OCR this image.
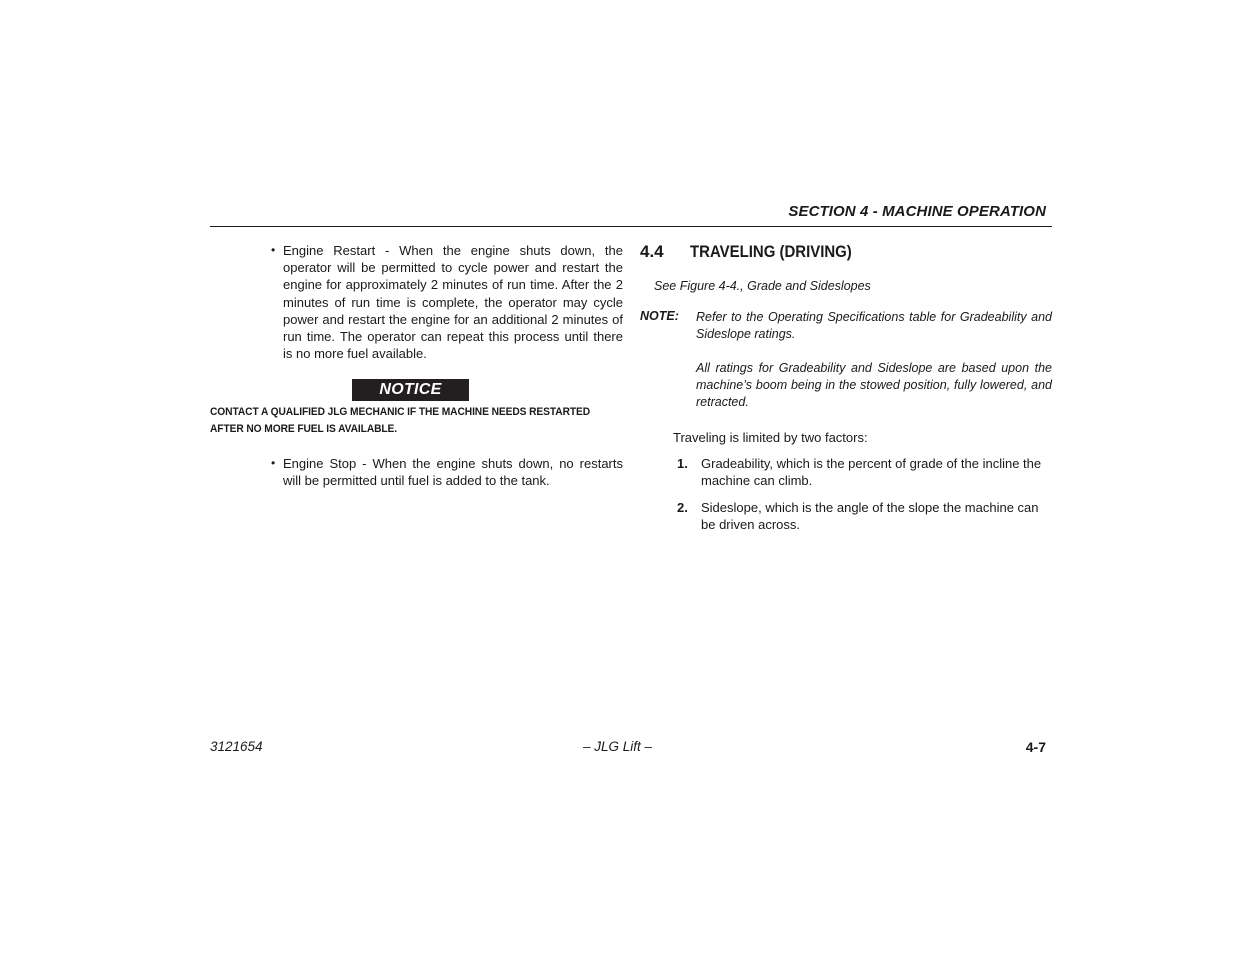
SECTION 4 - MACHINE OPERATION
• Engine Restart - When the engine shuts down, the operator will be permitted to cycle power and restart the engine for approximately 2 minutes of run time. After the 2 minutes of run time is complete, the operator may cycle power and restart the engine for an additional 2 minutes of run time. The operator can repeat this process until there is no more fuel available.
NOTICE
CONTACT A QUALIFIED JLG MECHANIC IF THE MACHINE NEEDS RESTARTED AFTER NO MORE FUEL IS AVAILABLE.
• Engine Stop - When the engine shuts down, no restarts will be permitted until fuel is added to the tank.
4.4 TRAVELING (DRIVING)
See Figure 4-4., Grade and Sideslopes
NOTE: Refer to the Operating Specifications table for Gradeability and Sideslope ratings.
All ratings for Gradeability and Sideslope are based upon the machine’s boom being in the stowed position, fully lowered, and retracted.
Traveling is limited by two factors:
1. Gradeability, which is the percent of grade of the incline the machine can climb.
2. Sideslope, which is the angle of the slope the machine can be driven across.
3121654	– JLG Lift –	4-7
